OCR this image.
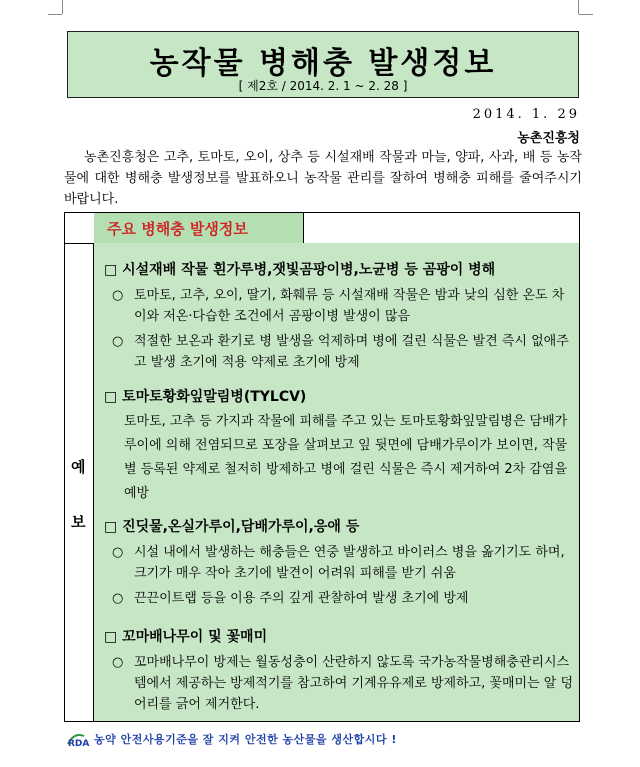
농작물 병해충 발생정보
[ 제2호 / 2014. 2. 1 ~ 2. 28 ]
2014. 1. 29
농촌진흥청
농촌진흥청은 고추, 토마토, 오이, 상추 등 시설재배 작물과 마늘, 양파, 사과, 배 등 농작물에 대한 병해충 발생정보를 발표하오니 농작물 관리를 잘하여 병해충 피해를 줄여주시기 바랍니다.
주요 병해충 발생정보
예
보
□ 시설재배 작물 흰가루병,잿빛곰팡이병,노균병 등 곰팡이 병해
○ 토마토, 고추, 오이, 딸기, 화훼류 등 시설재배 작물은 밤과 낮의 심한 온도 차이와 저온·다습한 조건에서 곰팡이병 발생이 많음
○ 적절한 보온과 환기로 병 발생을 억제하며 병에 걸린 식물은 발견 즉시 없애주고 발생 초기에 적용 약제로 초기에 방제
□ 토마토황화잎말림병(TYLCV)
토마토, 고추 등 가지과 작물에 피해를 주고 있는 토마토황화잎말림병은 담배가루이에 의해 전염되므로 포장을 살펴보고 잎 뒷면에 담배가루이가 보이면, 작물별 등록된 약제로 철저히 방제하고 병에 걸린 식물은 즉시 제거하여 2차 감염을 예방
□ 진딧물,온실가루이,담배가루이,응애 등
○ 시설 내에서 발생하는 해충들은 연중 발생하고 바이러스 병을 옮기기도 하며, 크기가 매우 작아 초기에 발견이 어려워 피해를 받기 쉬움
○ 끈끈이트랩 등을 이용 주의 깊게 관찰하여 발생 초기에 방제
□ 꼬마배나무이 및 꽃매미
○ 꼬마배나무이 방제는 월동성충이 산란하지 않도록 국가농작물병해충관리시스템에서 제공하는 방제적기를 참고하여 기계유유제로 방제하고, 꽃매미는 알 덩어리를 긁어 제거한다.
RDA 농약 안전사용기준을 잘 지켜 안전한 농산물을 생산합시다 !
